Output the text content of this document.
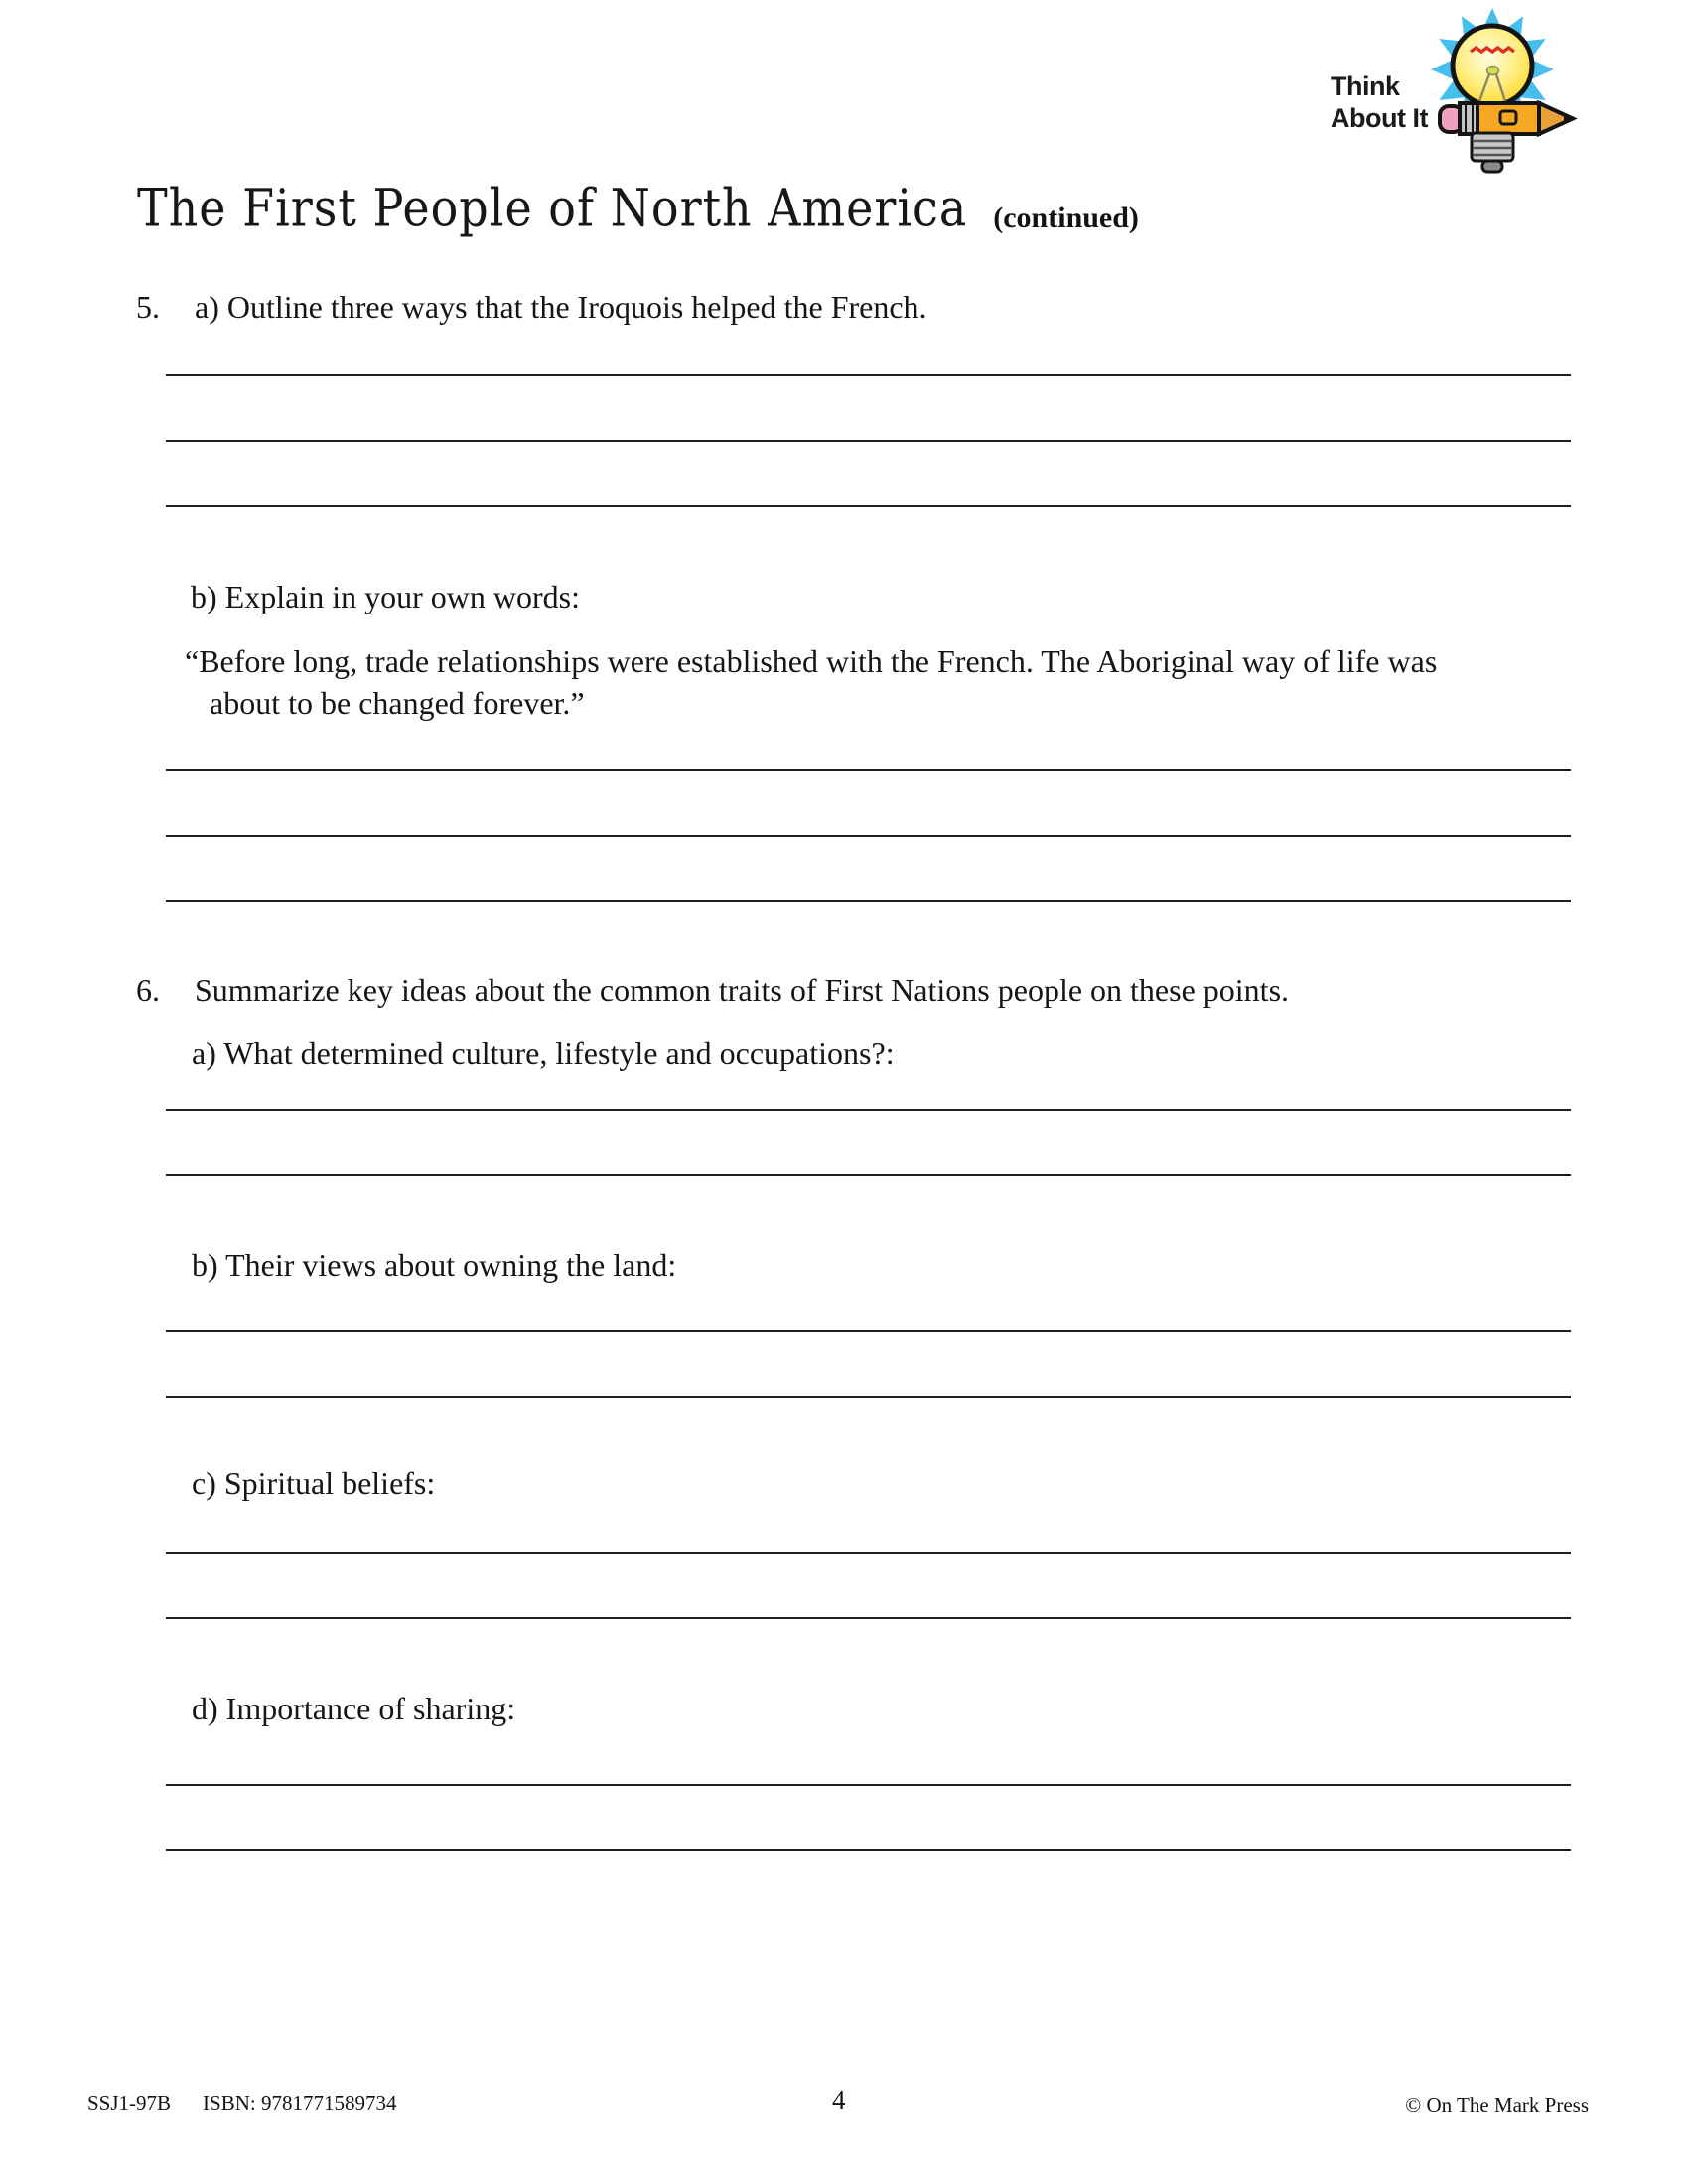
Think
About It
The First People of North America (continued)
5. a) Outline three ways that the Iroquois helped the French.
b) Explain in your own words:
“Before long, trade relationships were established with the French. The Aboriginal way of life was
about to be changed forever.”
6. Summarize key ideas about the common traits of First Nations people on these points.
a) What determined culture, lifestyle and occupations?:
b) Their views about owning the land:
c) Spiritual beliefs:
d) Importance of sharing:
SSJ1-97B ISBN: 9781771589734	4	© On The Mark Press
